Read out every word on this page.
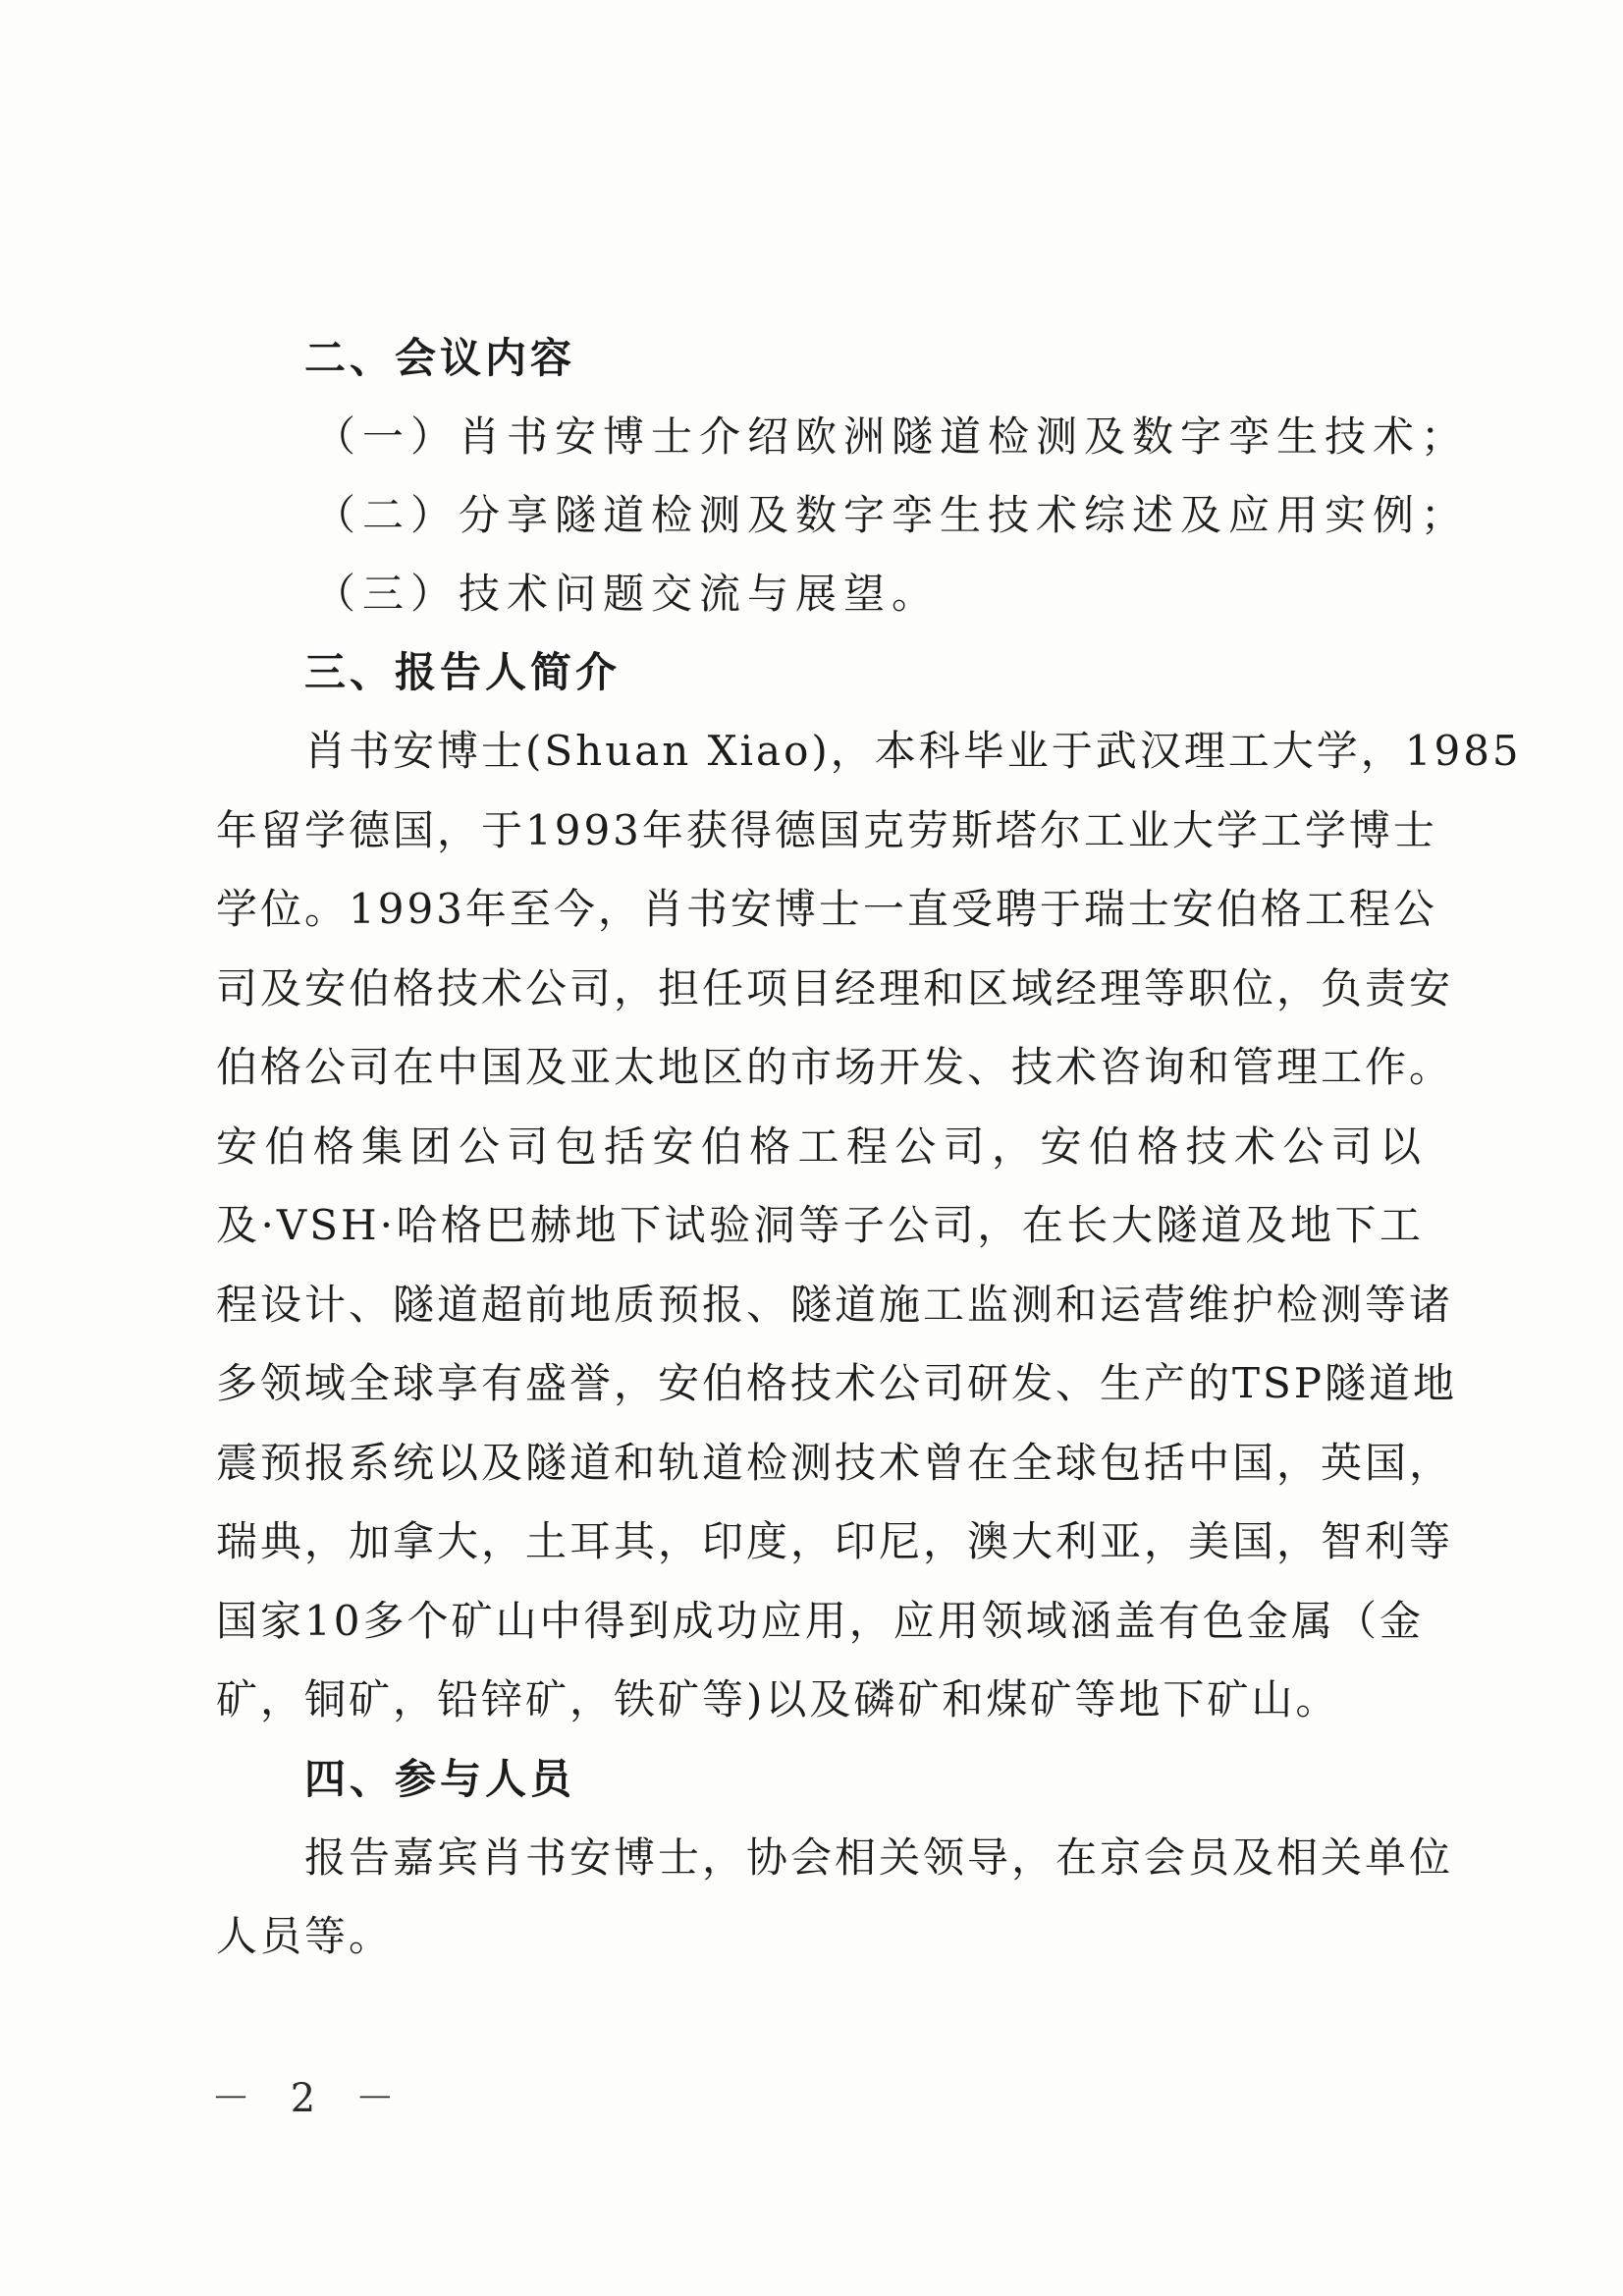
二、会议内容
（一）肖书安博士介绍欧洲隧道检测及数字孪生技术；
（二）分享隧道检测及数字孪生技术综述及应用实例；
（三）技术问题交流与展望。
三、报告人简介
肖书安博士(Shuan Xiao)，本科毕业于武汉理工大学，1985
年留学德国，于1993年获得德国克劳斯塔尔工业大学工学博士
学位。1993年至今，肖书安博士一直受聘于瑞士安伯格工程公
司及安伯格技术公司，担任项目经理和区域经理等职位，负责安
伯格公司在中国及亚太地区的市场开发、技术咨询和管理工作。
安伯格集团公司包括安伯格工程公司，安伯格技术公司以
及·VSH·哈格巴赫地下试验洞等子公司，在长大隧道及地下工
程设计、隧道超前地质预报、隧道施工监测和运营维护检测等诸
多领域全球享有盛誉，安伯格技术公司研发、生产的TSP隧道地
震预报系统以及隧道和轨道检测技术曾在全球包括中国，英国，
瑞典，加拿大，土耳其，印度，印尼，澳大利亚，美国，智利等
国家10多个矿山中得到成功应用，应用领域涵盖有色金属（金
矿，铜矿，铅锌矿，铁矿等)以及磷矿和煤矿等地下矿山。
四、参与人员
报告嘉宾肖书安博士，协会相关领导，在京会员及相关单位
人员等。
－ 2 －
